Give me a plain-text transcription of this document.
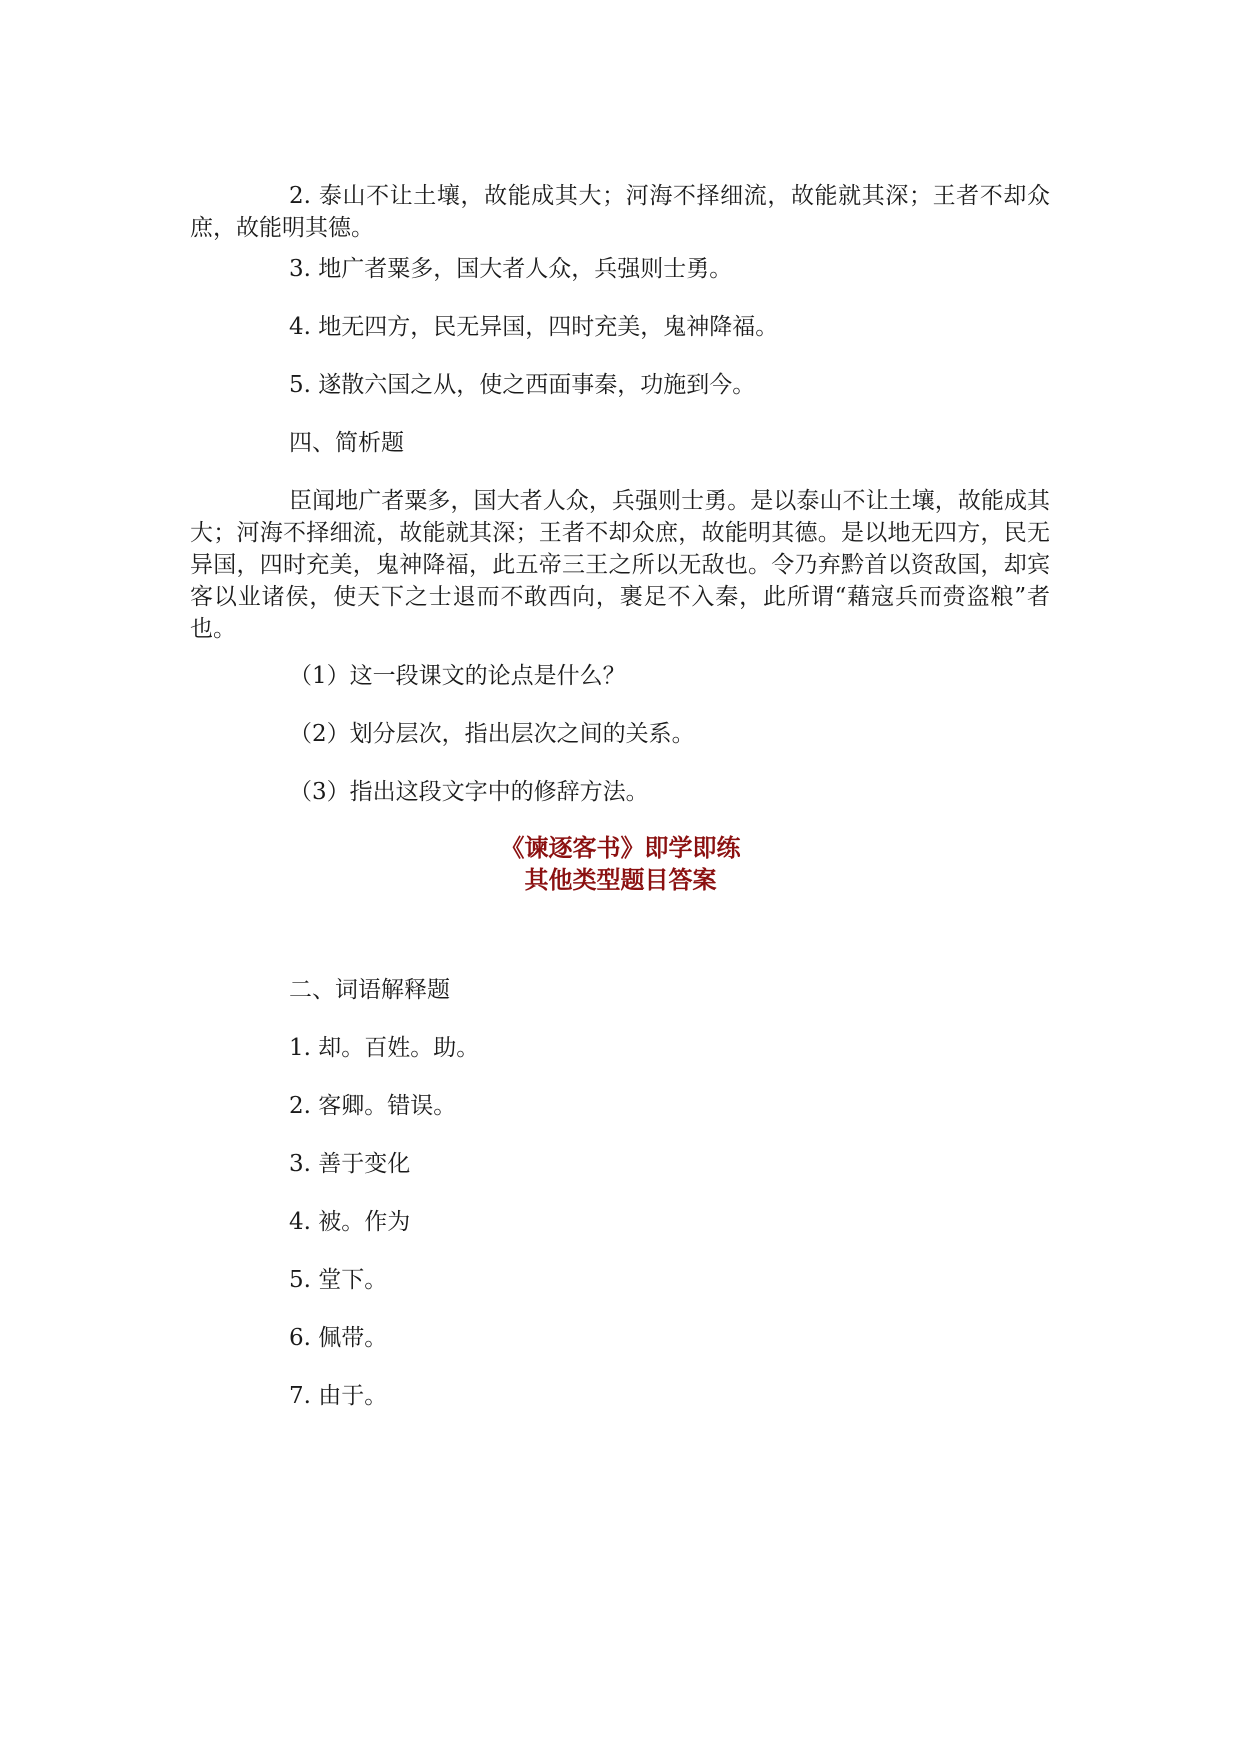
2. 泰山不让土壤，故能成其大；河海不择细流，故能就其深；王者不却众庶，故能明其德。
3. 地广者粟多，国大者人众，兵强则士勇。
4. 地无四方，民无异国，四时充美，鬼神降福。
5. 遂散六国之从，使之西面事秦，功施到今。
四、简析题
臣闻地广者粟多，国大者人众，兵强则士勇。是以泰山不让土壤，故能成其大；河海不择细流，故能就其深；王者不却众庶，故能明其德。是以地无四方，民无异国，四时充美，鬼神降福，此五帝三王之所以无敌也。令乃弃黔首以资敌国，却宾客以业诸侯，使天下之士退而不敢西向，裹足不入秦，此所谓“藉寇兵而赍盗粮”者也。
（1）这一段课文的论点是什么？
（2）划分层次，指出层次之间的关系。
（3）指出这段文字中的修辞方法。
《谏逐客书》即学即练
其他类型题目答案
二、词语解释题
1. 却。百姓。助。
2. 客卿。错误。
3. 善于变化
4. 被。作为
5. 堂下。
6. 佩带。
7. 由于。
